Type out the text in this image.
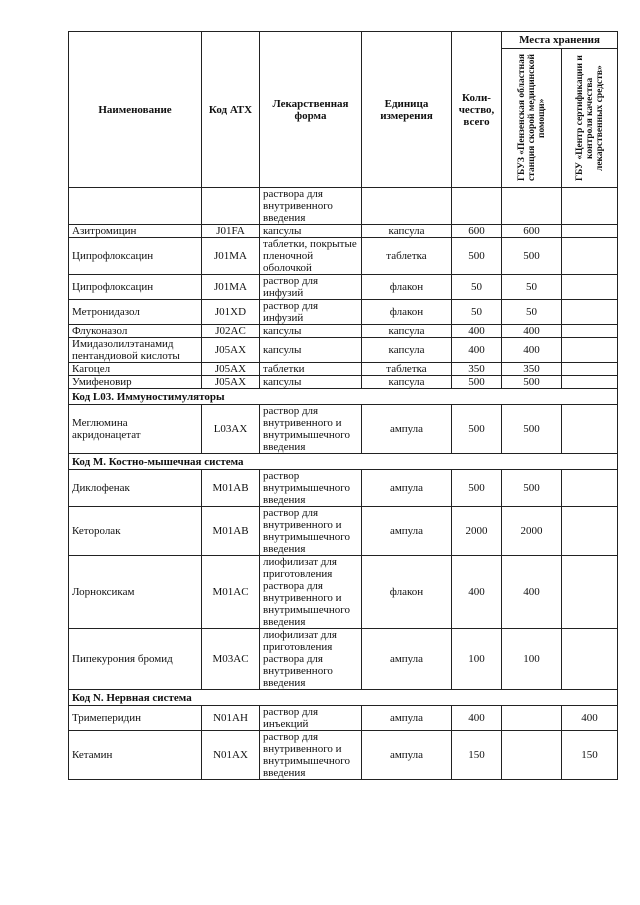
Наименование	Код АТХ	Лекарственная форма	Единица измерения	Коли-чество, всего	Места хранения	

					ГБУЗ «Пензенская областная станция скорой медицинской помощи»	ГБУ «Центр сертификации и контроля качества лекарственных средств»

		раствора для внутривенного введения				
Азитромицин	J01FA	капсулы	капсула	600	600	
Ципрофлоксацин	J01MA	таблетки, покрытые пленочной оболочкой	таблетка	500	500	
Ципрофлоксацин	J01MA	раствор для инфузий	флакон	50	50	
Метронидазол	J01XD	раствор для инфузий	флакон	50	50	
Флуконазол	J02AC	капсулы	капсула	400	400	
Имидазолилэтанамид пентандиовой кислоты	J05AX	капсулы	капсула	400	400	
Кагоцел	J05AX	таблетки	таблетка	350	350	
Умифеновир	J05AX	капсулы	капсула	500	500	
Код L03. Иммуностимуляторы						
Меглюмина акридонацетат	L03AX	раствор для внутривенного и внутримышечного введения	ампула	500	500	
Код М. Костно-мышечная система						
Диклофенак	M01AB	раствор внутримышечного введения	ампула	500	500	
Кеторолак	M01AB	раствор для внутривенного и внутримышечного введения	ампула	2000	2000	
Лорноксикам	M01AC	лиофилизат для приготовления раствора для внутривенного и внутримышечного введения	флакон	400	400	
Пипекурония бромид	M03AC	лиофилизат для приготовления раствора для внутривенного введения	ампула	100	100	
Код N. Нервная система						
Тримеперидин	N01AH	раствор для инъекций	ампула	400		400
Кетамин	N01AX	раствор для внутривенного и внутримышечного введения	ампула	150		150
